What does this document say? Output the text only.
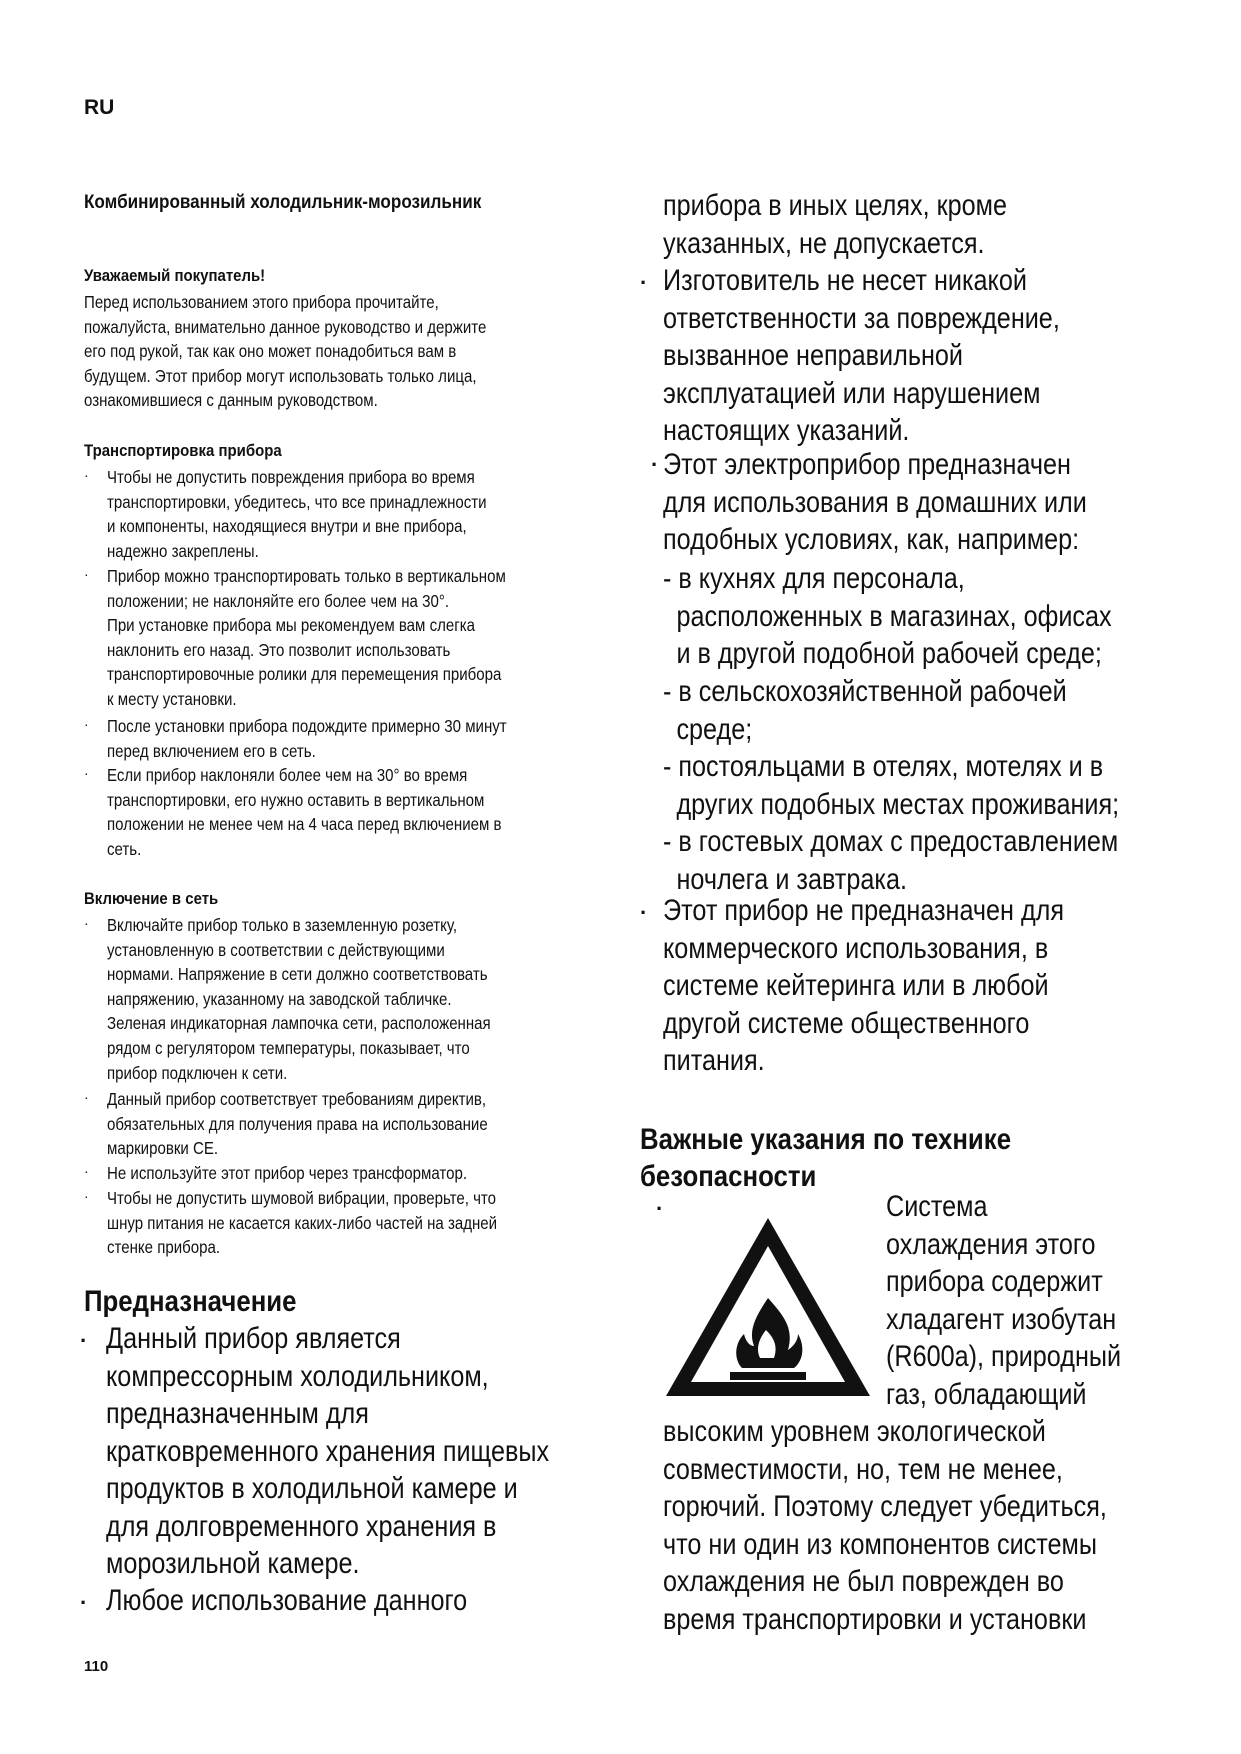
RU
Комбинированный холодильник-морозильник
Уважаемый покупатель!
Перед использованием этого прибора прочитайте,
пожалуйста, внимательно данное руководство и держите
его под рукой, так как оно может понадобиться вам в
будущем. Этот прибор могут использовать только лица,
ознакомившиеся с данным руководством.
Транспортировка прибора
· Чтобы не допустить повреждения прибора во время
транспортировки, убедитесь, что все принадлежности
и компоненты, находящиеся внутри и вне прибора,
надежно закреплены.
· Прибор можно транспортировать только в вертикальном
положении; не наклоняйте его более чем на 30°.
При установке прибора мы рекомендуем вам слегка
наклонить его назад. Это позволит использовать
транспортировочные ролики для перемещения прибора
к месту установки.
· После установки прибора подождите примерно 30 минут
перед включением его в сеть.
· Если прибор наклоняли более чем на 30° во время
транспортировки, его нужно оставить в вертикальном
положении не менее чем на 4 часа перед включением в
сеть.
Включение в сеть
· Включайте прибор только в заземленную розетку,
установленную в соответствии с действующими
нормами. Напряжение в сети должно соответствовать
напряжению, указанному на заводской табличке.
Зеленая индикаторная лампочка сети, расположенная
рядом с регулятором температуры, показывает, что
прибор подключен к сети.
· Данный прибор соответствует требованиям директив,
обязательных для получения права на использование
маркировки CE.
· Не используйте этот прибор через трансформатор.
· Чтобы не допустить шумовой вибрации, проверьте, что
шнур питания не касается каких-либо частей на задней
стенке прибора.
Предназначение
· Данный прибор является
компрессорным холодильником,
предназначенным для
кратковременного хранения пищевых
продуктов в холодильной камере и
для долговременного хранения в
морозильной камере.
· Любое использование данного
110
прибора в иных целях, кроме
указанных, не допускается.
· Изготовитель не несет никакой
ответственности за повреждение,
вызванное неправильной
эксплуатацией или нарушением
настоящих указаний.
· Этот электроприбор предназначен
для использования в домашних или
подобных условиях, как, например:
- в кухнях для персонала,
расположенных в магазинах, офисах
и в другой подобной рабочей среде;
- в сельскохозяйственной рабочей
среде;
- постояльцами в отелях, мотелях и в
других подобных местах проживания;
- в гостевых домах с предоставлением
ночлега и завтрака.
· Этот прибор не предназначен для
коммерческого использования, в
системе кейтеринга или в любой
другой системе общественного
питания.
Важные указания по технике
безопасности
·	Система
охлаждения этого
прибора содержит
хладагент изобутан
(R600a), природный
газ, обладающий
высоким уровнем экологической
совместимости, но, тем не менее,
горючий. Поэтому следует убедиться,
что ни один из компонентов системы
охлаждения не был поврежден во
время транспортировки и установки
